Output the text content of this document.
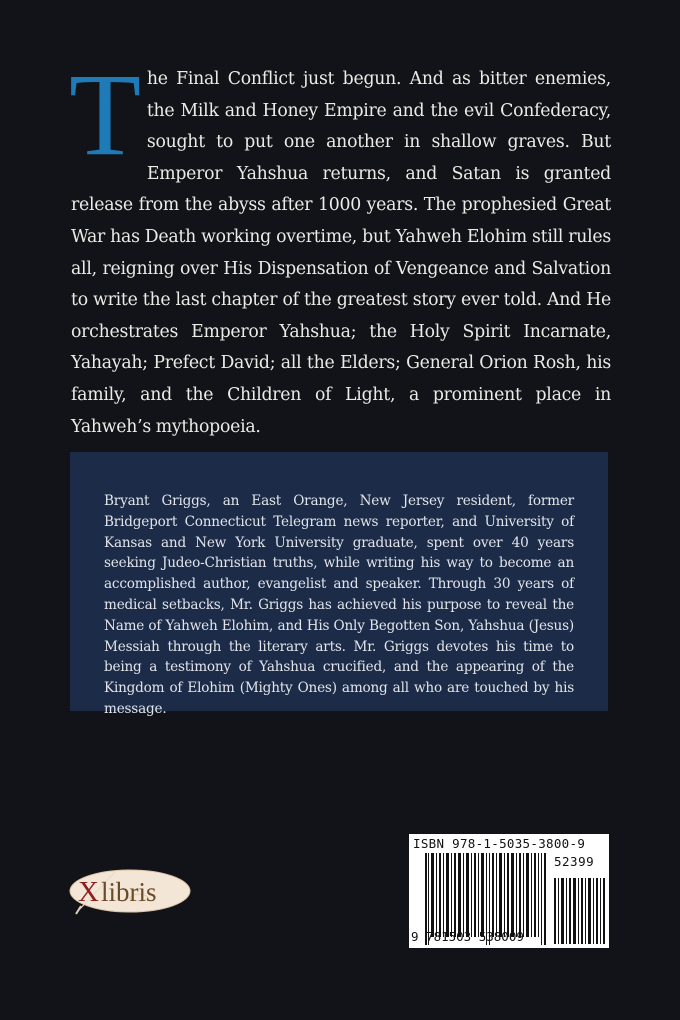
The Final Conflict just begun. And as bitter enemies, the Milk and Honey Empire and the evil Confederacy, sought to put one another in shallow graves. But Emperor Yahshua returns, and Satan is granted release from the abyss after 1000 years. The prophesied Great War has Death working overtime, but Yahweh Elohim still rules all, reigning over His Dispensation of Vengeance and Salvation to write the last chapter of the greatest story ever told. And He orchestrates Emperor Yahshua; the Holy Spirit Incarnate, Yahayah; Prefect David; all the Elders; General Orion Rosh, his family, and the Children of Light, a prominent place in Yahweh’s mythopoeia.

Bryant Griggs, an East Orange, New Jersey resident, former Bridgeport Connecticut Telegram news reporter, and University of Kansas and New York University graduate, spent over 40 years seeking Judeo-Christian truths, while writing his way to become an accomplished author, evangelist and speaker. Through 30 years of medical setbacks, Mr. Griggs has achieved his purpose to reveal the Name of Yahweh Elohim, and His Only Begotten Son, Yahshua (Jesus) Messiah through the literary arts. Mr. Griggs devotes his time to being a testimony of Yahshua crucified, and the appearing of the Kingdom of Elohim (Mighty Ones) among all who are touched by his message.

X libris
ISBN 978-1-5035-3800-9
52399
9 781503 538009
